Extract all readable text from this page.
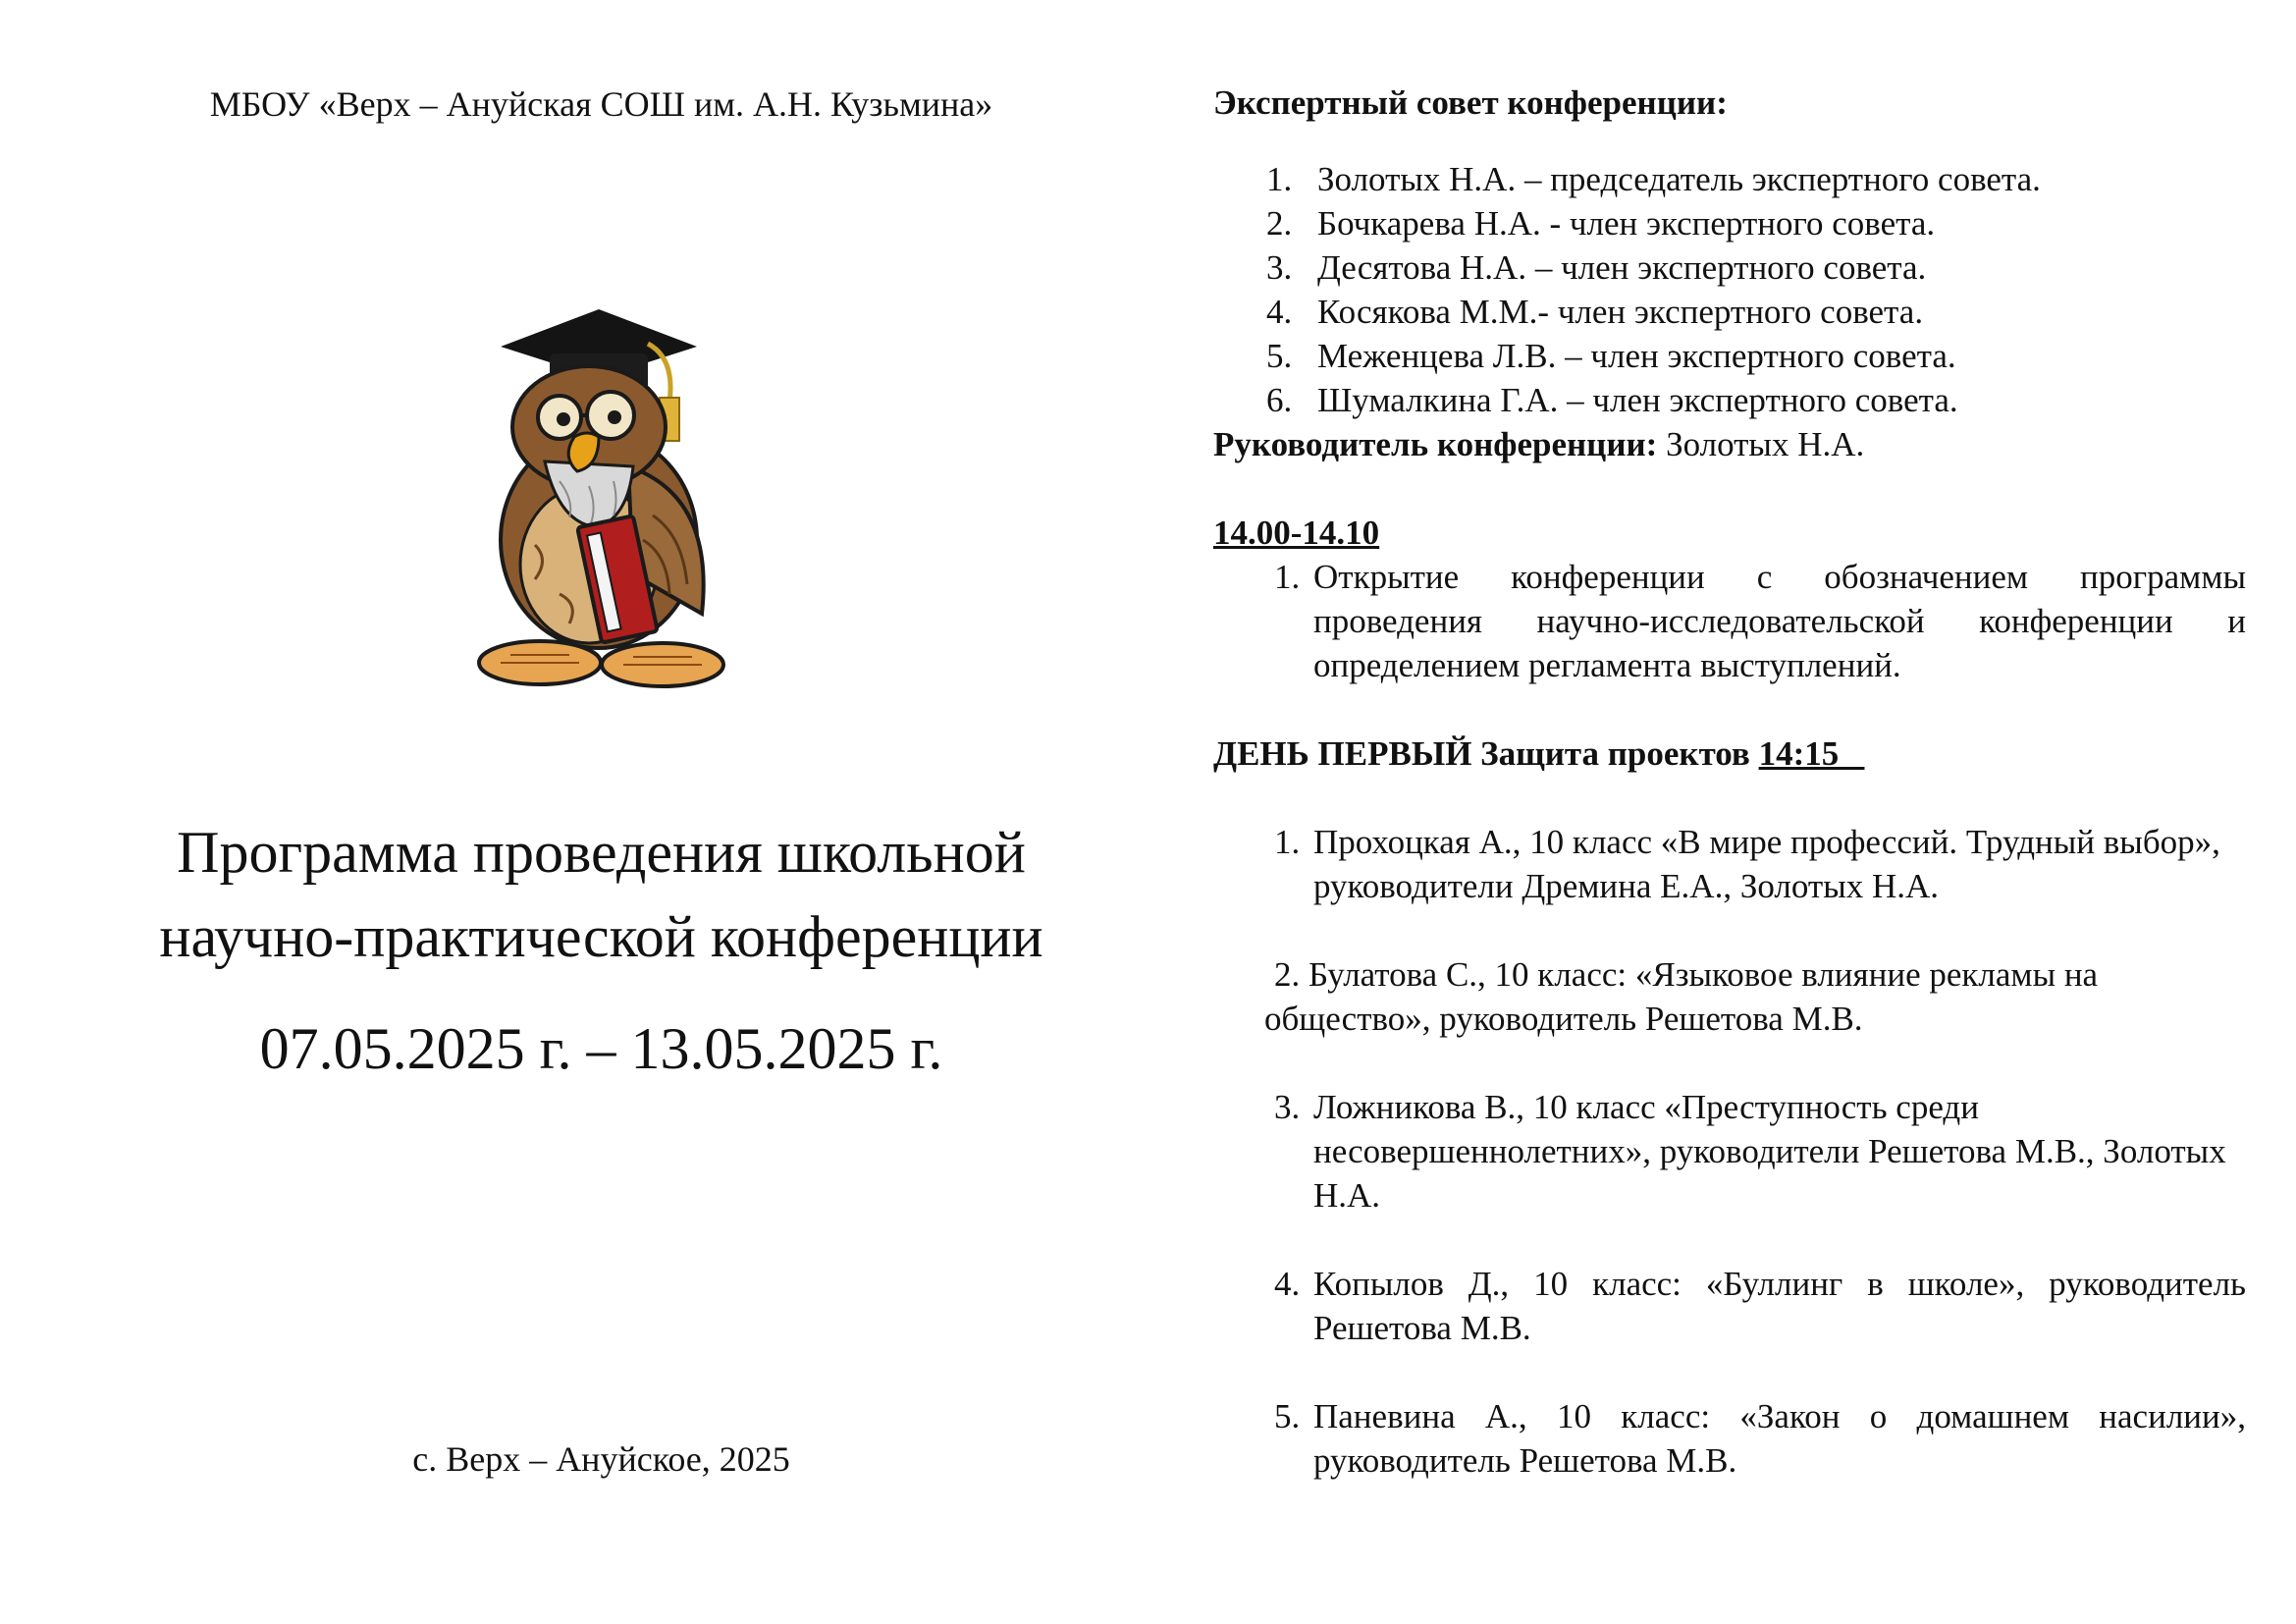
МБОУ «Верх – Ануйская СОШ им. А.Н. Кузьмина»
Программа проведения школьной
научно-практической конференции
07.05.2025 г. – 13.05.2025 г.
с. Верх – Ануйское, 2025
Экспертный совет конференции:
1. Золотых Н.А. – председатель экспертного совета.
2. Бочкарева Н.А. - член экспертного совета.
3. Десятова Н.А. – член экспертного совета.
4. Косякова М.М.- член экспертного совета.
5. Меженцева Л.В. – член экспертного совета.
6. Шумалкина Г.А. – член экспертного совета.
Руководитель конференции: Золотых Н.А.
14.00-14.10
1. Открытие конференции с обозначением программы проведения научно-исследовательской конференции и определением регламента выступлений.
ДЕНЬ ПЕРВЫЙ Защита проектов 14:15
1. Прохоцкая А., 10 класс «В мире профессий. Трудный выбор», руководители Дремина Е.А., Золотых Н.А.
2. Булатова С., 10 класс: «Языковое влияние рекламы на
общество», руководитель Решетова М.В.
3. Ложникова В., 10 класс «Преступность среди несовершеннолетних», руководители Решетова М.В., Золотых Н.А.
4. Копылов Д., 10 класс: «Буллинг в школе», руководитель Решетова М.В.
5. Паневина А., 10 класс: «Закон о домашнем насилии», руководитель Решетова М.В.
